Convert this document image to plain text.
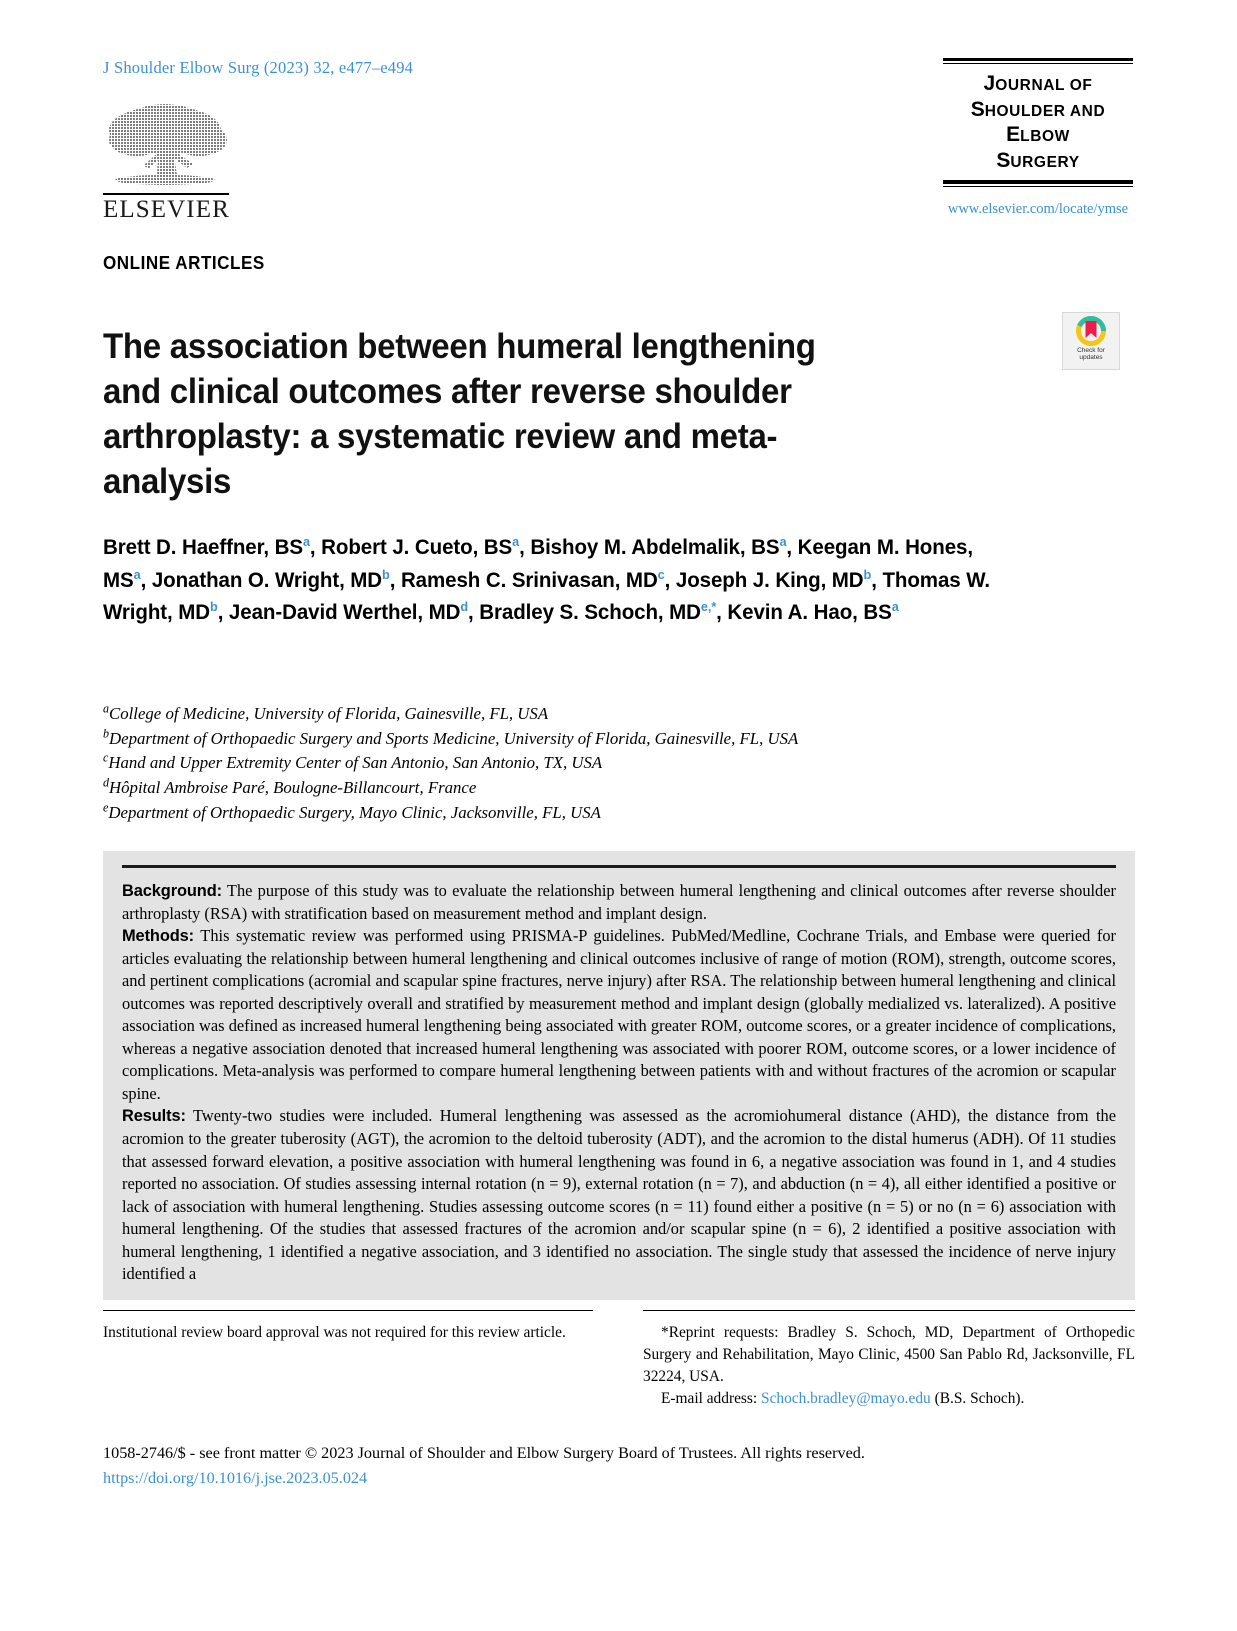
J Shoulder Elbow Surg (2023) 32, e477–e494
ELSEVIER
JOURNAL OF
SHOULDER AND
ELBOW
SURGERY
www.elsevier.com/locate/ymse
ONLINE ARTICLES
The association between humeral lengthening and clinical outcomes after reverse shoulder arthroplasty: a systematic review and meta-analysis
Check for
updates
Brett D. Haeffner, $BS^a$, Robert J. Cueto, $BS^a$, Bishoy M. Abdelmalik, $BS^a$, Keegan M. Hones, $MS^a$, Jonathan O. Wright, $MD^b$, Ramesh C. Srinivasan, $MD^c$, Joseph J. King, $MD^b$, Thomas W. Wright, $MD^b$, Jean-David Werthel, $MD^d$, Bradley S. Schoch, $MD^{e,*}$, Kevin A. Hao, $BS^a$
$^a$College of Medicine, University of Florida, Gainesville, FL, USA
$^b$Department of Orthopaedic Surgery and Sports Medicine, University of Florida, Gainesville, FL, USA
$^c$Hand and Upper Extremity Center of San Antonio, San Antonio, TX, USA
$^d$Hôpital Ambroise Paré, Boulogne-Billancourt, France
$^e$Department of Orthopaedic Surgery, Mayo Clinic, Jacksonville, FL, USA

Background: The purpose of this study was to evaluate the relationship between humeral lengthening and clinical outcomes after reverse shoulder arthroplasty (RSA) with stratification based on measurement method and implant design.

Methods: This systematic review was performed using PRISMA-P guidelines. PubMed/Medline, Cochrane Trials, and Embase were queried for articles evaluating the relationship between humeral lengthening and clinical outcomes inclusive of range of motion (ROM), strength, outcome scores, and pertinent complications (acromial and scapular spine fractures, nerve injury) after RSA. The relationship between humeral lengthening and clinical outcomes was reported descriptively overall and stratified by measurement method and implant design (globally medialized vs. lateralized). A positive association was defined as increased humeral lengthening being associated with greater ROM, outcome scores, or a greater incidence of complications, whereas a negative association denoted that increased humeral lengthening was associated with poorer ROM, outcome scores, or a lower incidence of complications. Meta-analysis was performed to compare humeral lengthening between patients with and without fractures of the acromion or scapular spine.

Results: Twenty-two studies were included. Humeral lengthening was assessed as the acromiohumeral distance (AHD), the distance from the acromion to the greater tuberosity (AGT), the acromion to the deltoid tuberosity (ADT), and the acromion to the distal humerus (ADH). Of 11 studies that assessed forward elevation, a positive association with humeral lengthening was found in 6, a negative association was found in 1, and 4 studies reported no association. Of studies assessing internal rotation (n = 9), external rotation (n = 7), and abduction (n = 4), all either identified a positive or lack of association with humeral lengthening. Studies assessing outcome scores (n = 11) found either a positive (n = 5) or no (n = 6) association with humeral lengthening. Of the studies that assessed fractures of the acromion and/or scapular spine (n = 6), 2 identified a positive association with humeral lengthening, 1 identified a negative association, and 3 identified no association. The single study that assessed the incidence of nerve injury identified a

Institutional review board approval was not required for this review article.	*Reprint requests: Bradley S. Schoch, MD, Department of Orthopedic Surgery and Rehabilitation, Mayo Clinic, 4500 San Pablo Rd, Jacksonville, FL 32224, USA.

E-mail address: Schoch.bradley@mayo.edu (B.S. Schoch).

1058-2746/$ - see front matter © 2023 Journal of Shoulder and Elbow Surgery Board of Trustees. All rights reserved.
https://doi.org/10.1016/j.jse.2023.05.024
